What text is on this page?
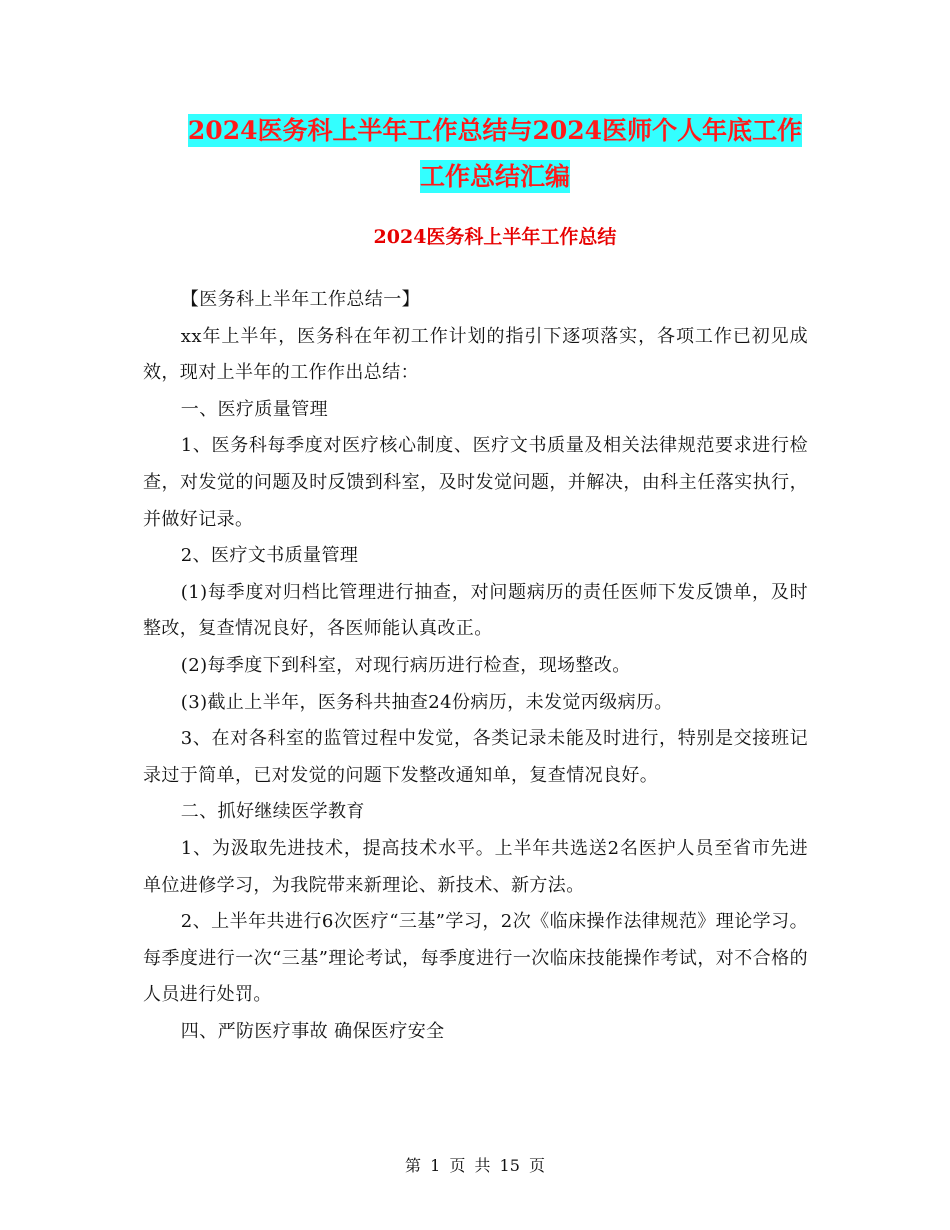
2024医务科上半年工作总结与2024医师个人年底工作
工作总结汇编
2024医务科上半年工作总结

【医务科上半年工作总结一】

xx年上半年，医务科在年初工作计划的指引下逐项落实，各项工作已初见成效，现对上半年的工作作出总结：

一、医疗质量管理

1、医务科每季度对医疗核心制度、医疗文书质量及相关法律规范要求进行检查，对发觉的问题及时反馈到科室，及时发觉问题，并解决，由科主任落实执行，并做好记录。

2、医疗文书质量管理

(1)每季度对归档比管理进行抽查，对问题病历的责任医师下发反馈单，及时整改，复查情况良好，各医师能认真改正。

(2)每季度下到科室，对现行病历进行检查，现场整改。

(3)截止上半年，医务科共抽查24份病历，未发觉丙级病历。

3、在对各科室的监管过程中发觉，各类记录未能及时进行，特别是交接班记录过于简单，已对发觉的问题下发整改通知单，复查情况良好。

二、抓好继续医学教育

1、为汲取先进技术，提高技术水平。上半年共选送2名医护人员至省市先进单位进修学习，为我院带来新理论、新技术、新方法。

2、上半年共进行6次医疗“三基”学习，2次《临床操作法律规范》理论学习。每季度进行一次“三基”理论考试，每季度进行一次临床技能操作考试，对不合格的人员进行处罚。

四、严防医疗事故 确保医疗安全

第 1 页 共 15 页
